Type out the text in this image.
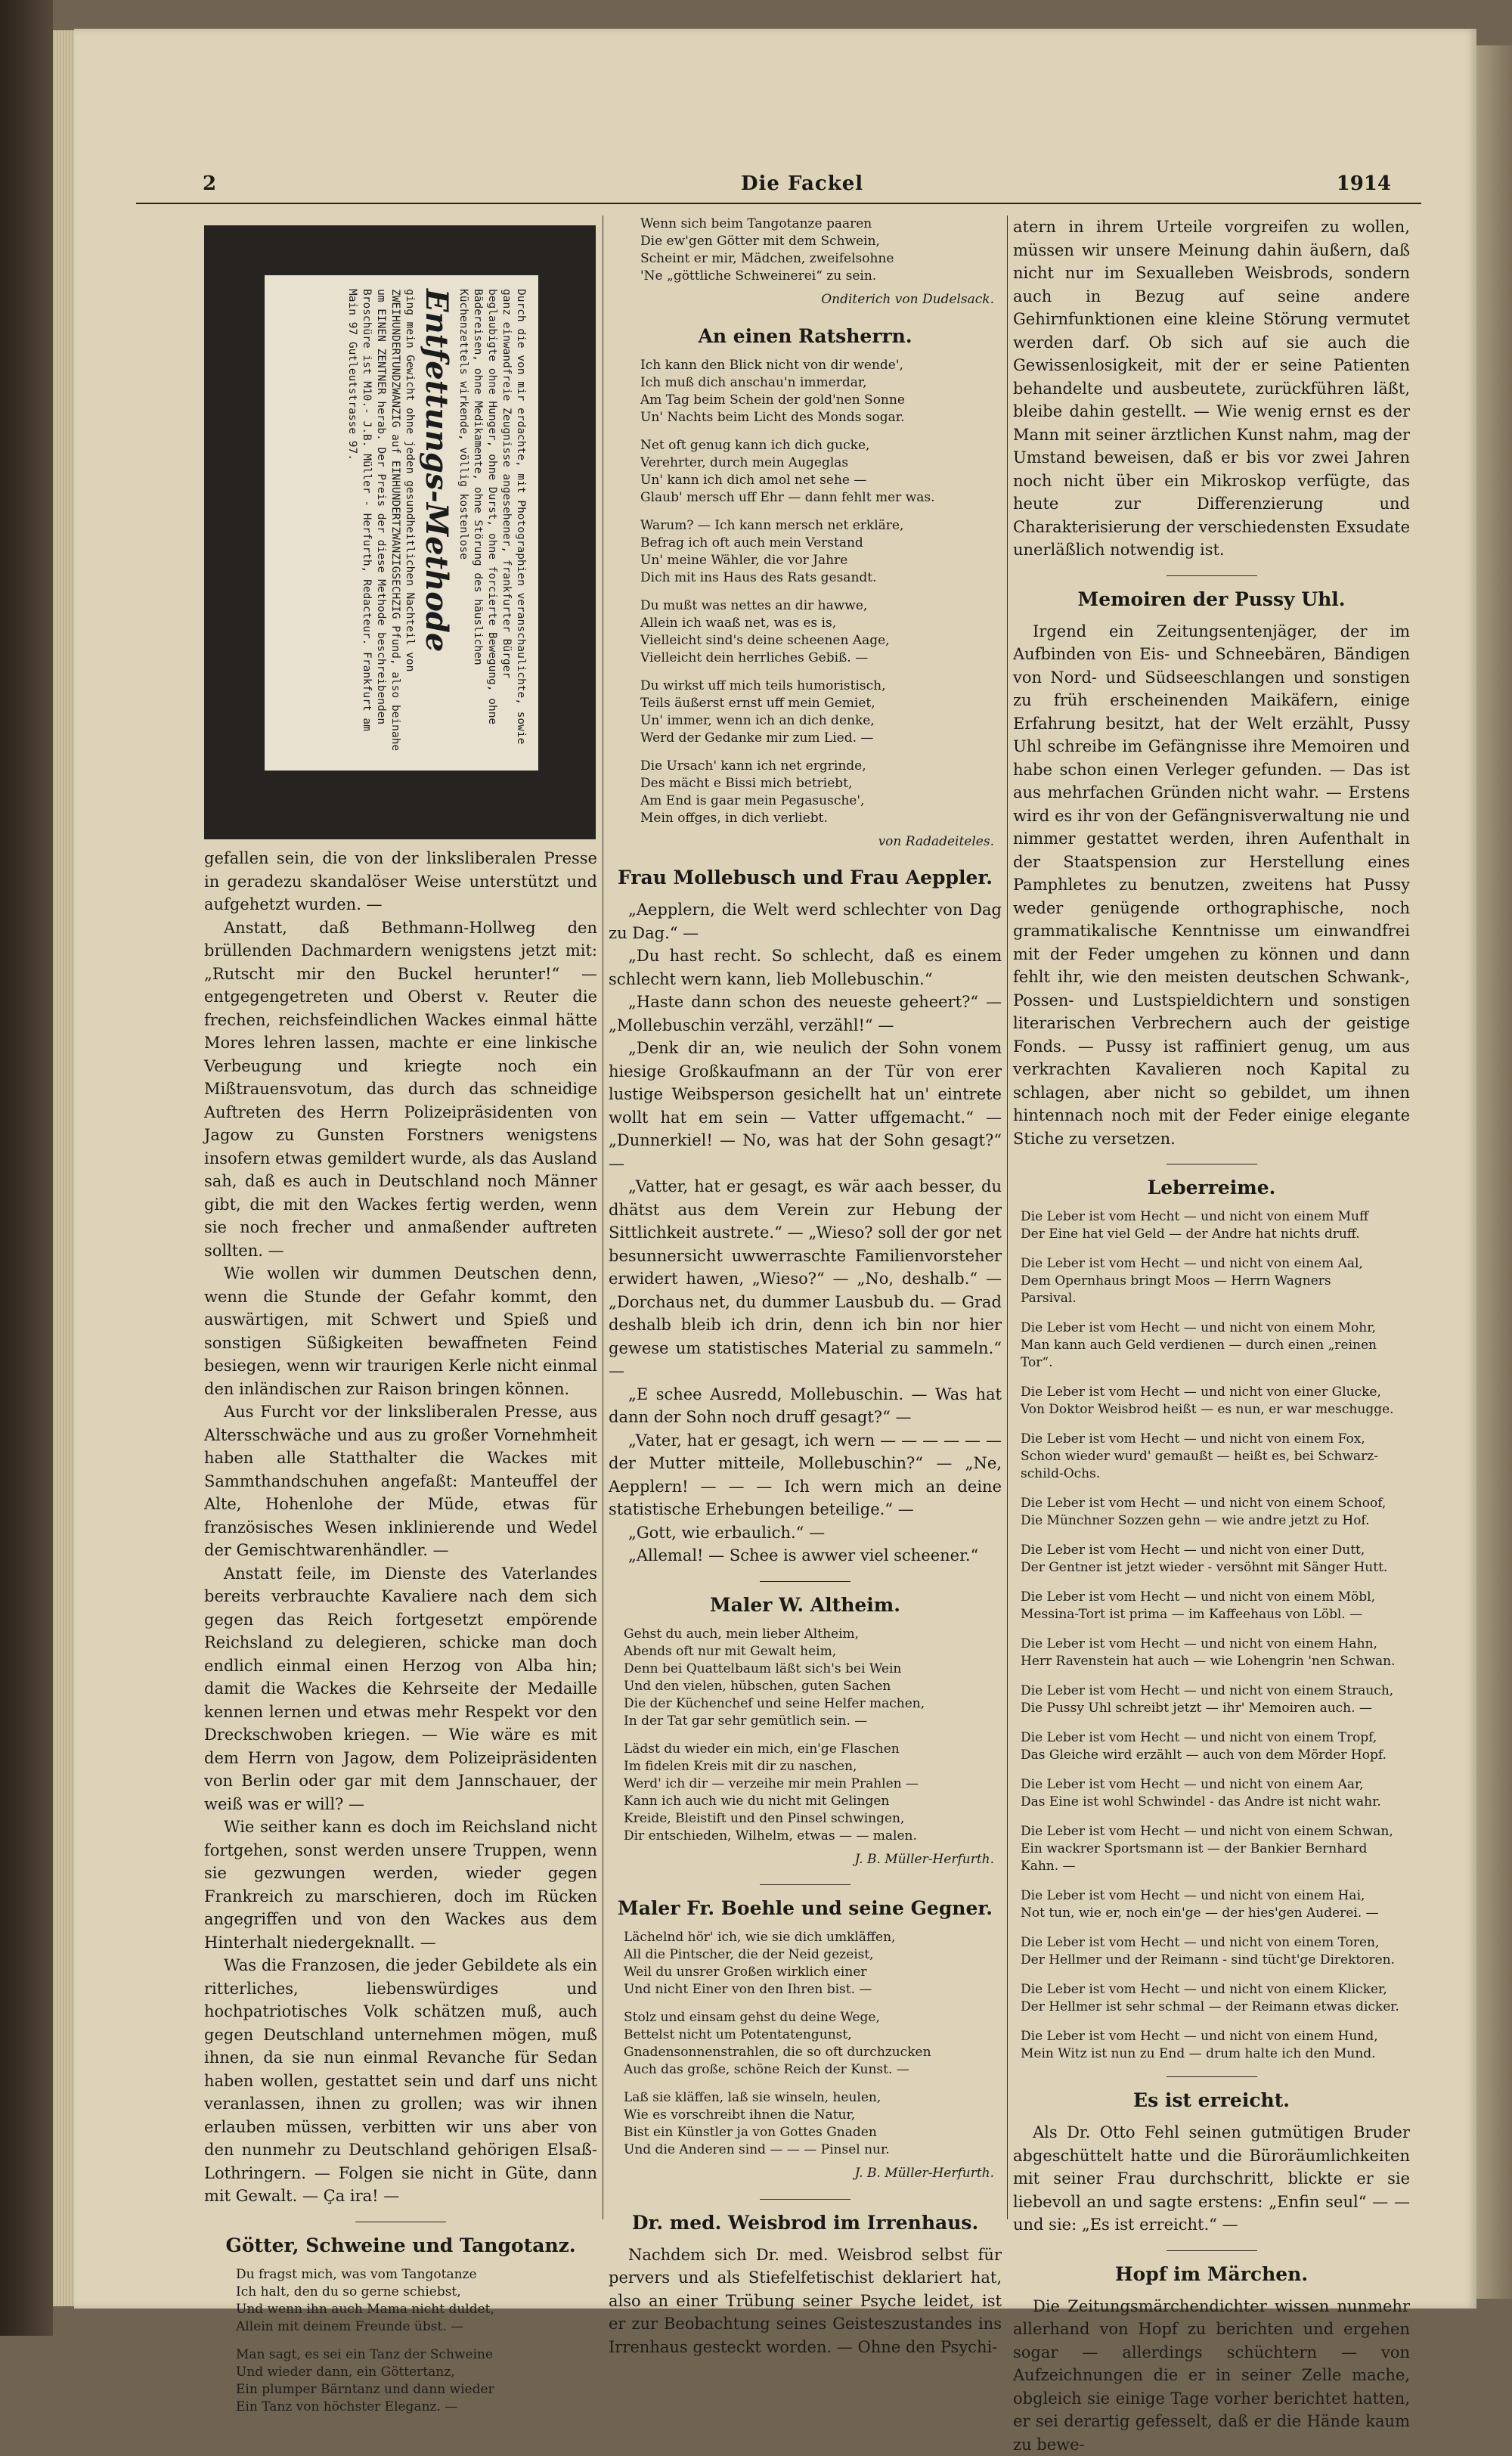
2	Die Fackel	1914
Durch die von mir erdachte, mit Photographien veranschaulichte, sowie ganz einwandfreie Zeugnisse angesehener, frankfurter Bürger beglaubigte ohne Hunger, ohne Durst, ohne forcierte Bewegung, ohne Bädereisen, ohne Medikamente, ohne Störung des häuslichen Küchenzettels wirkende, völlig kostenlose
Entfettungs-Methode
ging mein Gewicht ohne jeden gesundheitlichen Nachteil von ZWEIHUNDERTUNDZWANZIG auf EINHUNDERTZWANZIGSECHZIG Pfund, also beinahe um EINEN ZENTNER herab. Der Preis der diese Methode beschreibenden Broschüre ist M10.- J.B. Müller - Herfurth, Redacteur. Frankfurt am Main 97 Gutleutstrasse 97.

gefallen sein, die von der linksliberalen Presse in geradezu skandalöser Weise unterstützt und aufgehetzt wurden. —

Anstatt, daß Bethmann-Hollweg den brüllenden Dachmardern wenigstens jetzt mit: „Rutscht mir den Buckel herunter!“ — entgegengetreten und Oberst v. Reuter die frechen, reichsfeindlichen Wackes einmal hätte Mores lehren lassen, machte er eine linkische Verbeugung und kriegte noch ein Mißtrauensvotum, das durch das schneidige Auftreten des Herrn Polizeipräsidenten von Jagow zu Gunsten Forstners wenigstens insofern etwas gemildert wurde, als das Ausland sah, daß es auch in Deutschland noch Männer gibt, die mit den Wackes fertig werden, wenn sie noch frecher und anmaßender auftreten sollten. —

Wie wollen wir dummen Deutschen denn, wenn die Stunde der Gefahr kommt, den auswärtigen, mit Schwert und Spieß und sonstigen Süßigkeiten bewaffneten Feind besiegen, wenn wir traurigen Kerle nicht einmal den inländischen zur Raison bringen können.

Aus Furcht vor der linksliberalen Presse, aus Altersschwäche und aus zu großer Vornehmheit haben alle Statthalter die Wackes mit Sammthandschuhen angefaßt: Manteuffel der Alte, Hohenlohe der Müde, etwas für französisches Wesen inklinierende und Wedel der Gemischtwarenhändler. —

Anstatt feile, im Dienste des Vaterlandes bereits verbrauchte Kavaliere nach dem sich gegen das Reich fortgesetzt empörende Reichsland zu delegieren, schicke man doch endlich einmal einen Herzog von Alba hin; damit die Wackes die Kehrseite der Medaille kennen lernen und etwas mehr Respekt vor den Dreckschwoben kriegen. — Wie wäre es mit dem Herrn von Jagow, dem Polizeipräsidenten von Berlin oder gar mit dem Jannschauer, der weiß was er will? —

Wie seither kann es doch im Reichsland nicht fortgehen, sonst werden unsere Truppen, wenn sie gezwungen werden, wieder gegen Frankreich zu marschieren, doch im Rücken angegriffen und von den Wackes aus dem Hinterhalt niedergeknallt. —

Was die Franzosen, die jeder Gebildete als ein ritterliches, liebenswürdiges und hochpatriotisches Volk schätzen muß, auch gegen Deutschland unternehmen mögen, muß ihnen, da sie nun einmal Revanche für Sedan haben wollen, gestattet sein und darf uns nicht veranlassen, ihnen zu grollen; was wir ihnen erlauben müssen, verbitten wir uns aber von den nunmehr zu Deutschland gehörigen Elsaß-Lothringern. — Folgen sie nicht in Güte, dann mit Gewalt. — Ça ira! —

Götter, Schweine und Tangotanz.
Du fragst mich, was vom Tangotanze
Ich halt, den du so gerne schiebst,
Und wenn ihn auch Mama nicht duldet,
Allein mit deinem Freunde übst. —
Man sagt, es sei ein Tanz der Schweine
Und wieder dann, ein Göttertanz,
Ein plumper Bärntanz und dann wieder
Ein Tanz von höchster Eleganz. —
Wenn sich beim Tangotanze paaren
Die ew'gen Götter mit dem Schwein,
Scheint er mir, Mädchen, zweifelsohne
'Ne „göttliche Schweinerei“ zu sein.
Onditerich von Dudelsack.
An einen Ratsherrn.
Ich kann den Blick nicht von dir wende',
Ich muß dich anschau'n immerdar,
Am Tag beim Schein der gold'nen Sonne
Un' Nachts beim Licht des Monds sogar.
Net oft genug kann ich dich gucke,
Verehrter, durch mein Augeglas
Un' kann ich dich amol net sehe —
Glaub' mersch uff Ehr — dann fehlt mer was.
Warum? — Ich kann mersch net erkläre,
Befrag ich oft auch mein Verstand
Un' meine Wähler, die vor Jahre
Dich mit ins Haus des Rats gesandt.
Du mußt was nettes an dir hawwe,
Allein ich waaß net, was es is,
Vielleicht sind's deine scheenen Aage,
Vielleicht dein herrliches Gebiß. —
Du wirkst uff mich teils humoristisch,
Teils äußerst ernst uff mein Gemiet,
Un' immer, wenn ich an dich denke,
Werd der Gedanke mir zum Lied. —
Die Ursach' kann ich net ergrinde,
Des mächt e Bissi mich betriebt,
Am End is gaar mein Pegasusche',
Mein offges, in dich verliebt.
von Radadeiteles.
Frau Mollebusch und Frau Aeppler.

„Aepplern, die Welt werd schlechter von Dag zu Dag.“ —

„Du hast recht. So schlecht, daß es einem schlecht wern kann, lieb Mollebuschin.“

„Haste dann schon des neueste geheert?“ — „Mollebuschin verzähl, verzähl!“ —

„Denk dir an, wie neulich der Sohn vonem hiesige Großkaufmann an der Tür von erer lustige Weibsperson gesichellt hat un' eintrete wollt hat em sein — Vatter uffgemacht.“ — „Dunnerkiel! — No, was hat der Sohn gesagt?“ —

„Vatter, hat er gesagt, es wär aach besser, du dhätst aus dem Verein zur Hebung der Sittlichkeit austrete.“ — „Wieso? soll der gor net besunnersicht uwwerraschte Familienvorsteher erwidert hawen, „Wieso?“ — „No, deshalb.“ — „Dorchaus net, du dummer Lausbub du. — Grad deshalb bleib ich drin, denn ich bin nor hier gewese um statistisches Material zu sammeln.“ —

„E schee Ausredd, Mollebuschin. — Was hat dann der Sohn noch druff gesagt?“ —

„Vater, hat er gesagt, ich wern — — — — — — der Mutter mitteile, Mollebuschin?“ — „Ne, Aepplern! — — — Ich wern mich an deine statistische Erhebungen beteilige.“ —

„Gott, wie erbaulich.“ —

„Allemal! — Schee is awwer viel scheener.“

Maler W. Altheim.
Gehst du auch, mein lieber Altheim,
Abends oft nur mit Gewalt heim,
Denn bei Quattelbaum läßt sich's bei Wein
Und den vielen, hübschen, guten Sachen
Die der Küchenchef und seine Helfer machen,
In der Tat gar sehr gemütlich sein. —
Lädst du wieder ein mich, ein'ge Flaschen
Im fidelen Kreis mit dir zu naschen,
Werd' ich dir — verzeihe mir mein Prahlen —
Kann ich auch wie du nicht mit Gelingen
Kreide, Bleistift und den Pinsel schwingen,
Dir entschieden, Wilhelm, etwas — — malen.
J. B. Müller-Herfurth.
Maler Fr. Boehle und seine Gegner.
Lächelnd hör' ich, wie sie dich umkläffen,
All die Pintscher, die der Neid gezeist,
Weil du unsrer Großen wirklich einer
Und nicht Einer von den Ihren bist. —
Stolz und einsam gehst du deine Wege,
Bettelst nicht um Potentatengunst,
Gnadensonnenstrahlen, die so oft durchzucken
Auch das große, schöne Reich der Kunst. —
Laß sie kläffen, laß sie winseln, heulen,
Wie es vorschreibt ihnen die Natur,
Bist ein Künstler ja von Gottes Gnaden
Und die Anderen sind — — — Pinsel nur.
J. B. Müller-Herfurth.
Dr. med. Weisbrod im Irrenhaus.

Nachdem sich Dr. med. Weisbrod selbst für pervers und als Stiefelfetischist deklariert hat, also an einer Trübung seiner Psyche leidet, ist er zur Beobachtung seines Geisteszustandes ins Irrenhaus gesteckt worden. — Ohne den Psychi-

atern in ihrem Urteile vorgreifen zu wollen, müssen wir unsere Meinung dahin äußern, daß nicht nur im Sexualleben Weisbrods, sondern auch in Bezug auf seine andere Gehirnfunktionen eine kleine Störung vermutet werden darf. Ob sich auf sie auch die Gewissenlosigkeit, mit der er seine Patienten behandelte und ausbeutete, zurückführen läßt, bleibe dahin gestellt. — Wie wenig ernst es der Mann mit seiner ärztlichen Kunst nahm, mag der Umstand beweisen, daß er bis vor zwei Jahren noch nicht über ein Mikroskop verfügte, das heute zur Differenzierung und Charakterisierung der verschiedensten Exsudate unerläßlich notwendig ist.

Memoiren der Pussy Uhl.

Irgend ein Zeitungsentenjäger, der im Aufbinden von Eis- und Schneebären, Bändigen von Nord- und Südseeschlangen und sonstigen zu früh erscheinenden Maikäfern, einige Erfahrung besitzt, hat der Welt erzählt, Pussy Uhl schreibe im Gefängnisse ihre Memoiren und habe schon einen Verleger gefunden. — Das ist aus mehrfachen Gründen nicht wahr. — Erstens wird es ihr von der Gefängnisverwaltung nie und nimmer gestattet werden, ihren Aufenthalt in der Staatspension zur Herstellung eines Pamphletes zu benutzen, zweitens hat Pussy weder genügende orthographische, noch grammatikalische Kenntnisse um einwandfrei mit der Feder umgehen zu können und dann fehlt ihr, wie den meisten deutschen Schwank-, Possen- und Lustspieldichtern und sonstigen literarischen Verbrechern auch der geistige Fonds. — Pussy ist raffiniert genug, um aus verkrachten Kavalieren noch Kapital zu schlagen, aber nicht so gebildet, um ihnen hintennach noch mit der Feder einige elegante Stiche zu versetzen.

Leberreime.
Die Leber ist vom Hecht — und nicht von einem Muff
Der Eine hat viel Geld — der Andre hat nichts druff.
Die Leber ist vom Hecht — und nicht von einem Aal,
Dem Opernhaus bringt Moos — Herrn Wagners
Parsival.
Die Leber ist vom Hecht — und nicht von einem Mohr,
Man kann auch Geld verdienen — durch einen „reinen
Tor“.
Die Leber ist vom Hecht — und nicht von einer Glucke,
Von Doktor Weisbrod heißt — es nun, er war meschugge.
Die Leber ist vom Hecht — und nicht von einem Fox,
Schon wieder wurd' gemaußt — heißt es, bei Schwarz-
schild-Ochs.
Die Leber ist vom Hecht — und nicht von einem Schoof,
Die Münchner Sozzen gehn — wie andre jetzt zu Hof.
Die Leber ist vom Hecht — und nicht von einer Dutt,
Der Gentner ist jetzt wieder - versöhnt mit Sänger Hutt.
Die Leber ist vom Hecht — und nicht von einem Möbl,
Messina-Tort ist prima — im Kaffeehaus von Löbl. —
Die Leber ist vom Hecht — und nicht von einem Hahn,
Herr Ravenstein hat auch — wie Lohengrin 'nen Schwan.
Die Leber ist vom Hecht — und nicht von einem Strauch,
Die Pussy Uhl schreibt jetzt — ihr' Memoiren auch. —
Die Leber ist vom Hecht — und nicht von einem Tropf,
Das Gleiche wird erzählt — auch von dem Mörder Hopf.
Die Leber ist vom Hecht — und nicht von einem Aar,
Das Eine ist wohl Schwindel - das Andre ist nicht wahr.
Die Leber ist vom Hecht — und nicht von einem Schwan,
Ein wackrer Sportsmann ist — der Bankier Bernhard
Kahn. —
Die Leber ist vom Hecht — und nicht von einem Hai,
Not tun, wie er, noch ein'ge — der hies'gen Auderei. —
Die Leber ist vom Hecht — und nicht von einem Toren,
Der Hellmer und der Reimann - sind tücht'ge Direktoren.
Die Leber ist vom Hecht — und nicht von einem Klicker,
Der Hellmer ist sehr schmal — der Reimann etwas dicker.
Die Leber ist vom Hecht — und nicht von einem Hund,
Mein Witz ist nun zu End — drum halte ich den Mund.
Es ist erreicht.

Als Dr. Otto Fehl seinen gutmütigen Bruder abgeschüttelt hatte und die Büroräumlichkeiten mit seiner Frau durchschritt, blickte er sie liebevoll an und sagte erstens: „Enfin seul“ — — und sie: „Es ist erreicht.“ —

Hopf im Märchen.

Die Zeitungsmärchendichter wissen nunmehr allerhand von Hopf zu berichten und ergehen sogar — allerdings schüchtern — von Aufzeichnungen die er in seiner Zelle mache, obgleich sie einige Tage vorher berichtet hatten, er sei derartig gefesselt, daß er die Hände kaum zu bewe-
